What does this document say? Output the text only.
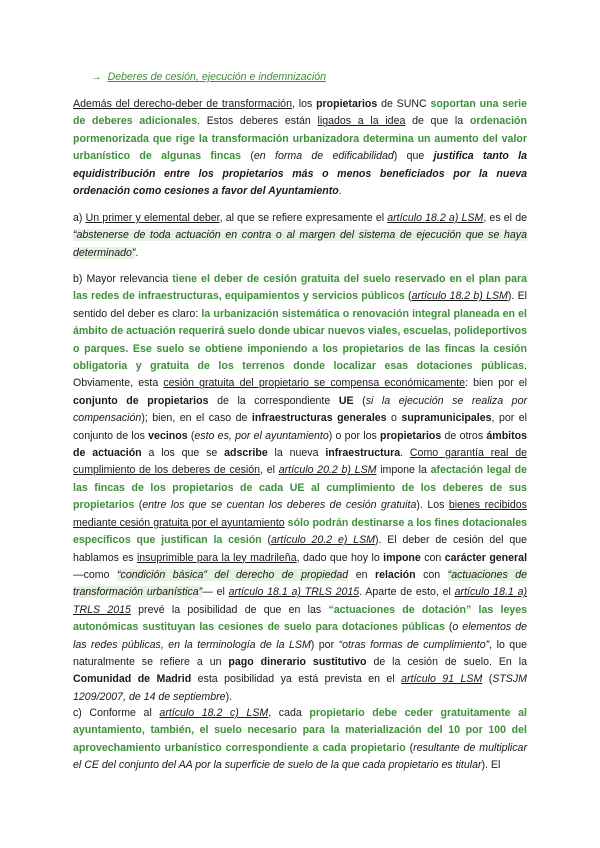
→ Deberes de cesión, ejecución e indemnización

Además del derecho-deber de transformación, los propietarios de SUNC soportan una serie de deberes adicionales. Estos deberes están ligados a la idea de que la ordenación pormenorizada que rige la transformación urbanizadora determina un aumento del valor urbanístico de algunas fincas (en forma de edificabilidad) que justifica tanto la equidistribución entre los propietarios más o menos beneficiados por la nueva ordenación como cesiones a favor del Ayuntamiento.

a) Un primer y elemental deber, al que se refiere expresamente el artículo 18.2 a) LSM, es el de “abstenerse de toda actuación en contra o al margen del sistema de ejecución que se haya determinado”.

b) Mayor relevancia tiene el deber de cesión gratuita del suelo reservado en el plan para las redes de infraestructuras, equipamientos y servicios públicos (artículo 18.2 b) LSM). El sentido del deber es claro: la urbanización sistemática o renovación integral planeada en el ámbito de actuación requerirá suelo donde ubicar nuevos viales, escuelas, polideportivos o parques. Ese suelo se obtiene imponiendo a los propietarios de las fincas la cesión obligatoria y gratuita de los terrenos donde localizar esas dotaciones públicas. Obviamente, esta cesión gratuita del propietario se compensa económicamente: bien por el conjunto de propietarios de la correspondiente UE (si la ejecución se realiza por compensación); bien, en el caso de infraestructuras generales o supramunicipales, por el conjunto de los vecinos (esto es, por el ayuntamiento) o por los propietarios de otros ámbitos de actuación a los que se adscribe la nueva infraestructura. Como garantía real de cumplimiento de los deberes de cesión, el artículo 20.2 b) LSM impone la afectación legal de las fincas de los propietarios de cada UE al cumplimiento de los deberes de sus propietarios (entre los que se cuentan los deberes de cesión gratuita). Los bienes recibidos mediante cesión gratuita por el ayuntamiento sólo podrán destinarse a los fines dotacionales específicos que justifican la cesión (artículo 20.2 e) LSM). El deber de cesión del que hablamos es insuprimible para la ley madrileña, dado que hoy lo impone con carácter general —como “condición básica” del derecho de propiedad en relación con “actuaciones de transformación urbanística”— el artículo 18.1 a) TRLS 2015. Aparte de esto, el artículo 18.1 a) TRLS 2015 prevé la posibilidad de que en las “actuaciones de dotación” las leyes autonómicas sustituyan las cesiones de suelo para dotaciones públicas (o elementos de las redes públicas, en la terminología de la LSM) por “otras formas de cumplimiento”, lo que naturalmente se refiere a un pago dinerario sustitutivo de la cesión de suelo. En la Comunidad de Madrid esta posibilidad ya está prevista en el artículo 91 LSM (STSJM 1209/2007, de 14 de septiembre).

c) Conforme al artículo 18.2 c) LSM, cada propietario debe ceder gratuitamente al ayuntamiento, también, el suelo necesario para la materialización del 10 por 100 del aprovechamiento urbanístico correspondiente a cada propietario (resultante de multiplicar el CE del conjunto del AA por la superficie de suelo de la que cada propietario es titular). El
